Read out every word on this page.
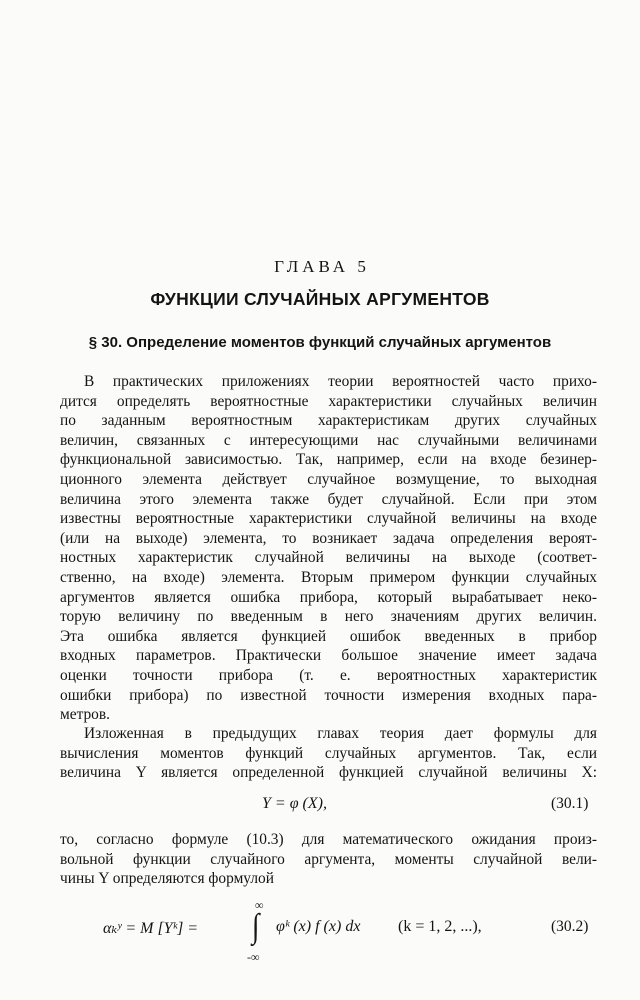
ГЛАВА 5
ФУНКЦИИ СЛУЧАЙНЫХ АРГУМЕНТОВ
§ 30. Определение моментов функций случайных аргументов
В практических приложениях теории вероятностей часто прихо-
дится определять вероятностные характеристики случайных величин
по заданным вероятностным характеристикам других случайных
величин, связанных с интересующими нас случайными величинами
функциональной зависимостью. Так, например, если на входе безинер-
ционного элемента действует случайное возмущение, то выходная
величина этого элемента также будет случайной. Если при этом
известны вероятностные характеристики случайной величины на входе
(или на выходе) элемента, то возникает задача определения вероят-
ностных характеристик случайной величины на выходе (соответ-
ственно, на входе) элемента. Вторым примером функции случайных
аргументов является ошибка прибора, который вырабатывает неко-
торую величину по введенным в него значениям других величин.
Эта ошибка является функцией ошибок введенных в прибор
входных параметров. Практически большое значение имеет задача
оценки точности прибора (т. е. вероятностных характеристик
ошибки прибора) по известной точности измерения входных пара-
метров.
Изложенная в предыдущих главах теория дает формулы для
вычисления моментов функций случайных аргументов. Так, если
величина Y является определенной функцией случайной величины X:
Y = φ (X),	(30.1)
то, согласно формуле (10.3) для математического ожидания произ-
вольной функции случайного аргумента, моменты случайной вели-
чины Y определяются формулой
αₖʸ = M [Yᵏ] =
∞
∫
-∞
φᵏ (x) f (x) dx (k = 1, 2, ...),	(30.2)
